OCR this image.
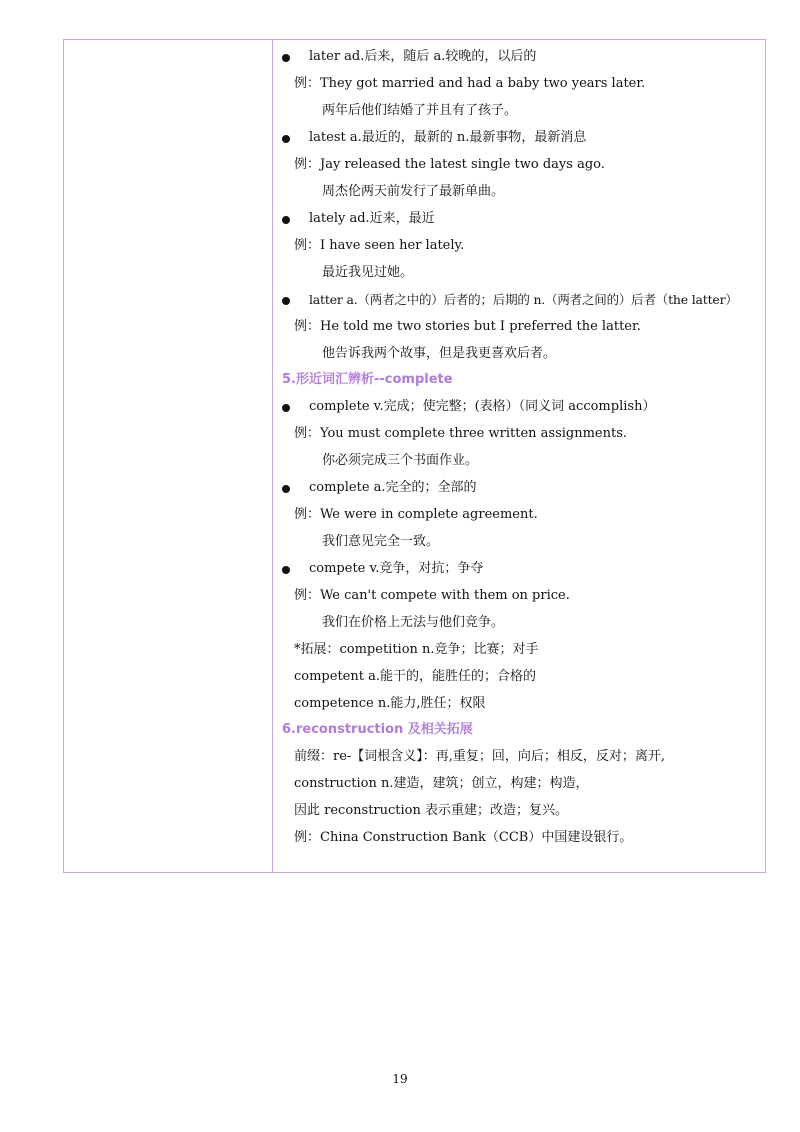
later ad.后来，随后 a.较晚的，以后的
例：They got married and had a baby two years later.
两年后他们结婚了并且有了孩子。
latest a.最近的，最新的 n.最新事物，最新消息
例：Jay released the latest single two days ago.
周杰伦两天前发行了最新单曲。
lately ad.近来，最近
例：I have seen her lately.
最近我见过她。
latter a.（两者之中的）后者的；后期的 n.（两者之间的）后者（the latter）
例：He told me two stories but I preferred the latter.
他告诉我两个故事，但是我更喜欢后者。
5.形近词汇辨析--complete
complete v.完成；使完整；(表格）（同义词 accomplish）
例：You must complete three written assignments.
你必须完成三个书面作业。
complete a.完全的；全部的
例：We were in complete agreement.
我们意见完全一致。
compete v.竞争，对抗；争夺
例：We can't compete with them on price.
我们在价格上无法与他们竞争。
*拓展：competition n.竞争；比赛；对手
competent a.能干的，能胜任的；合格的
competence n.能力,胜任；权限
6.reconstruction 及相关拓展
前缀：re-【词根含义】：再,重复；回，向后；相反，反对；离开,
construction n.建造，建筑；创立，构建；构造，
因此 reconstruction 表示重建；改造；复兴。
例：China Construction Bank（CCB）中国建设银行。
19
